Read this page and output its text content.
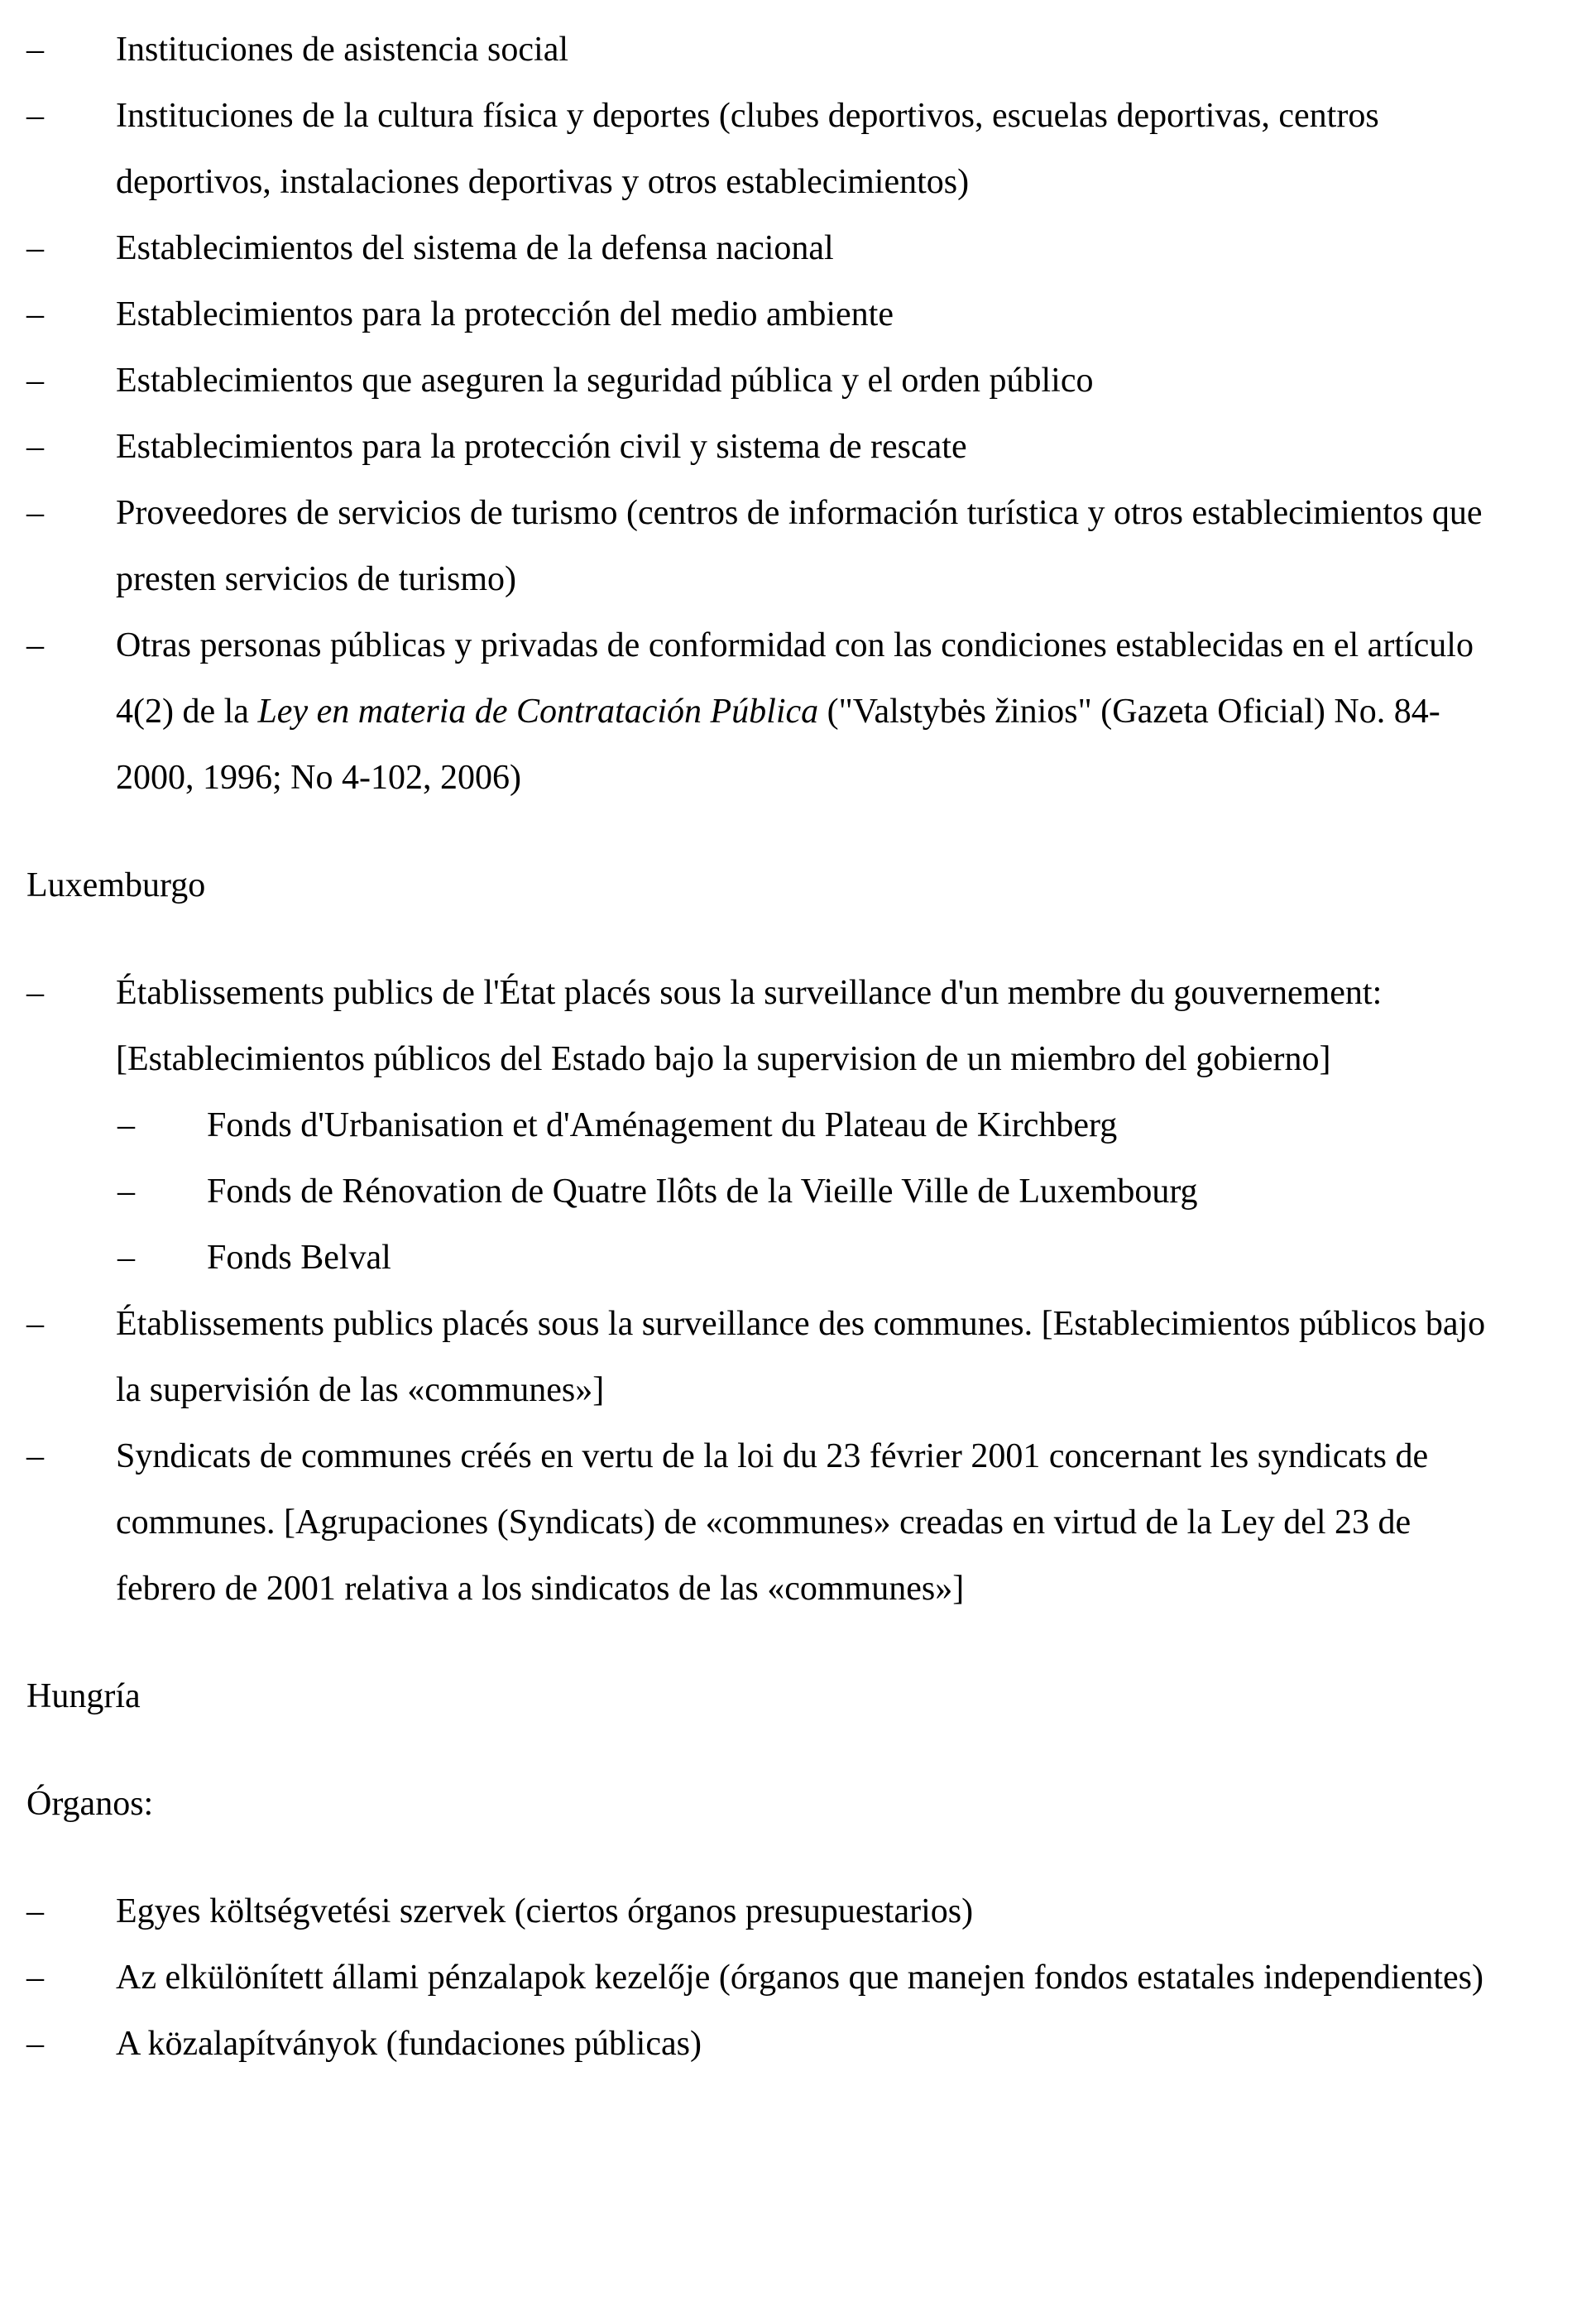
– Instituciones de asistencia social
– Instituciones de la cultura física y deportes (clubes deportivos, escuelas deportivas, centros deportivos, instalaciones deportivas y otros establecimientos)
– Establecimientos del sistema de la defensa nacional
– Establecimientos para la protección del medio ambiente
– Establecimientos que aseguren la seguridad pública y el orden público
– Establecimientos para la protección civil y sistema de rescate
– Proveedores de servicios de turismo (centros de información turística y otros establecimientos que presten servicios de turismo)
– Otras personas públicas y privadas de conformidad con las condiciones establecidas en el artículo 4(2) de la Ley en materia de Contratación Pública ("Valstybės žinios" (Gazeta Oficial) No. 84-2000, 1996; No 4-102, 2006)
Luxemburgo
– Établissements publics de l'État placés sous la surveillance d'un membre du gouvernement: [Establecimientos públicos del Estado bajo la supervision de un miembro del gobierno]
– Fonds d'Urbanisation et d'Aménagement du Plateau de Kirchberg
– Fonds de Rénovation de Quatre Ilôts de la Vieille Ville de Luxembourg
– Fonds Belval
– Établissements publics placés sous la surveillance des communes. [Establecimientos públicos bajo la supervisión de las «communes»]
– Syndicats de communes créés en vertu de la loi du 23 février 2001 concernant les syndicats de communes. [Agrupaciones (Syndicats) de «communes» creadas en virtud de la Ley del 23 de febrero de 2001 relativa a los sindicatos de las «communes»]
Hungría
Órganos:
– Egyes költségvetési szervek (ciertos órganos presupuestarios)
– Az elkülönített állami pénzalapok kezelője (órganos que manejen fondos estatales independientes)
– A közalapítványok (fundaciones públicas)
